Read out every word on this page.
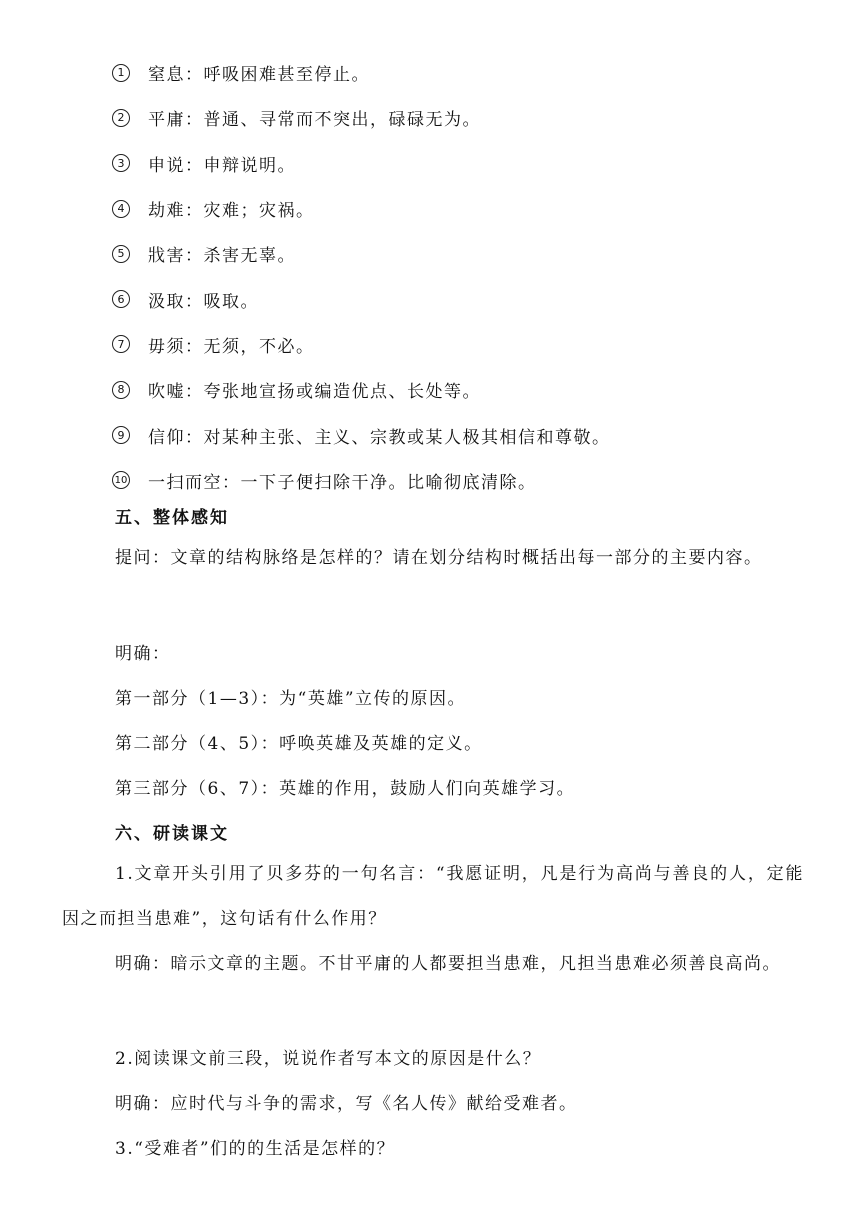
1	窒息：呼吸困难甚至停止。
2	平庸：普通、寻常而不突出，碌碌无为。
3	申说：申辩说明。
4	劫难：灾难；灾祸。
5	戕害：杀害无辜。
6	汲取：吸取。
7	毋须：无须，不必。
8	吹嘘：夸张地宣扬或编造优点、长处等。
9	信仰：对某种主张、主义、宗教或某人极其相信和尊敬。
10 一扫而空：一下子便扫除干净。比喻彻底清除。
五、整体感知
提问：文章的结构脉络是怎样的？请在划分结构时概括出每一部分的主要内容。
明确：
第一部分（1—3）：为“英雄”立传的原因。
第二部分（4、5）：呼唤英雄及英雄的定义。
第三部分（6、7）：英雄的作用，鼓励人们向英雄学习。
六、研读课文
1.文章开头引用了贝多芬的一句名言：“我愿证明，凡是行为高尚与善良的人，定能因之而担当患难”，这句话有什么作用？
明确：暗示文章的主题。不甘平庸的人都要担当患难，凡担当患难必须善良高尚。
2.阅读课文前三段，说说作者写本文的原因是什么？
明确：应时代与斗争的需求，写《名人传》献给受难者。
3.“受难者”们的的生活是怎样的？
